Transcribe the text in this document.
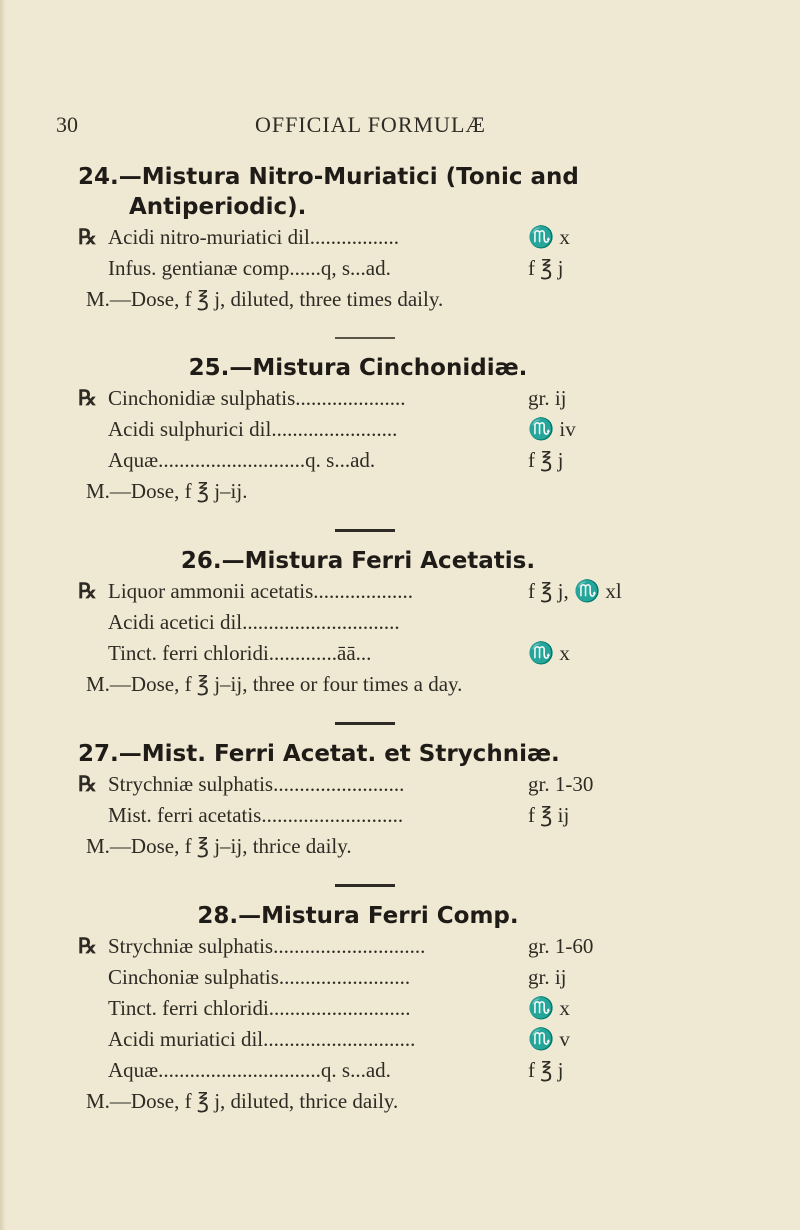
30	OFFICIAL FORMULÆ
24.—Mistura Nitro-Muriatici (Tonic and
Antiperiodic).
℞ Acidi nitro-muriatici dil.................	♏ x
Infus. gentianæ comp......q, s...ad.	f ℥ j
M.—Dose, f ℥ j, diluted, three times daily.
25.—Mistura Cinchonidiæ.
℞ Cinchonidiæ sulphatis.....................	gr. ij
Acidi sulphurici dil........................	♏ iv
Aquæ............................q. s...ad.	f ℥ j
M.—Dose, f ℥ j–ij.
26.—Mistura Ferri Acetatis.
℞ Liquor ammonii acetatis...................	f ℥ j, ♏ xl
Acidi acetici dil..............................
Tinct. ferri chloridi.............āā...	♏ x
M.—Dose, f ℥ j–ij, three or four times a day.
27.—Mist. Ferri Acetat. et Strychniæ.
℞ Strychniæ sulphatis.........................	gr. 1-30
Mist. ferri acetatis...........................	f ℥ ij
M.—Dose, f ℥ j–ij, thrice daily.
28.—Mistura Ferri Comp.
℞ Strychniæ sulphatis.............................	gr. 1-60
Cinchoniæ sulphatis.........................	gr. ij
Tinct. ferri chloridi...........................	♏ x
Acidi muriatici dil.............................	♏ v
Aquæ...............................q. s...ad.	f ℥ j
M.—Dose, f ℥ j, diluted, thrice daily.
